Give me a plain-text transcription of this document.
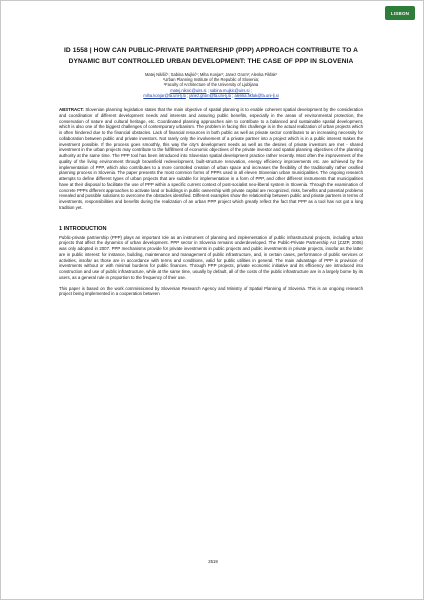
LISBON
ID 1558 | HOW CAN PUBLIC-PRIVATE PARTNERSHIP (PPP) APPROACH CONTRIBUTE TO A DYNAMIC BUT CONTROLLED URBAN DEVELOPMENT: THE CASE OF PPP IN SLOVENIA
Matej Nikšič¹; Sabina Mujkić¹; Miha Konjar²; Janez Grom²; Alenka Fikfak²
¹Urban Planning Institute of the Republic of Slovenia;
²Faculty of Architecture of the University of Ljubljana
matej.niksic@uirs.si ; sabina.mujkic@uirs.si ;
miha.konjar@fa.uni-lj.si ; janez.grom@fa.uni-lj.si ; alenka.fikfak@fa.uni-lj.si

ABSTRACT: Slovenian planning legislation states that the main objective of spatial planning is to enable coherent spatial development by the consideration and coordination of different development needs and interests and assuring public benefits, especially in the areas of environmental protection, the conservation of nature and cultural heritage, etc. Coordinated planning approaches aim to contribute to a balanced and sustainable spatial development, which is also one of the biggest challenges of contemporary urbanism. The problem in facing this challenge is in the actual realization of urban projects which is often hindered due to the financial obstacles. Lack of financial resources in both public as well as private sector contributes to an increasing necessity for collaboration between public and private investors. Not rarely only the involvement of a private partner into a project which is in a public interest makes the investment possible. If the process goes smoothly, this way the city's development needs as well as the desires of private investors are met - shared investment in the urban projects may contribute to the fulfillment of economic objectives of the private investor and spatial planning objectives of the planning authority at the same time. The PPP tool has been introduced into Slovenian spatial development practice rather recently. Most often the improvement of the quality of the living environment through brownfield redevelopment, built-structure renovation, energy efficiency improvements etc. are achieved by the implementation of PPP, which also contributes to a more controlled creation of urban space and increases the flexibility of the traditionally rather ossified planning process in Slovenia. The paper presents the most common forms of PPPs used in all eleven Slovenian urban municipalities. The ongoing research attempts to define different types of urban projects that are suitable for implementation in a form of PPP, and other different instruments that municipalities have at their disposal to facilitate the use of PPP within a specific current context of post-socialist neo-liberal system in Slovenia. Through the examination of concrete PPPs different approaches to activate land or buildings in public ownership with private capital are recognized, risks, benefits and potential problems revealed and possible solutions to overcome the obstacles identified. Different examples show the relationship between public and private partners in terms of investments, responsibilities and benefits during the realization of an urban PPP project which greatly reflect the fact that PPP as a tool has not got a long tradition yet.

1 INTRODUCTION

Public-private partnership (PPP) plays an important role as an instrument of planning and implementation of public infrastructural projects, including urban projects that affect the dynamics of urban development. PPP sector in Slovenia remains underdeveloped. The Public-Private Partnership Act (ZJZP, 2006) was only adopted in 2007. PPP mechanisms provide for private investments in public projects and public investments in private projects, insofar as the latter are in public interest: for instance, building, maintenance and management of public infrastructure, and, in certain cases, performance of public services or activities, insofar as those are in accordance with terms and conditions, valid for public utilities in general. The main advantage of PPP is provision of investments without or with minimal burdens for public finances. Through PPP projects, private economic initiative and its efficiency are introduced into construction and use of public infrastructure, while at the same time, usually by default, all of the costs of the public infrastructure are in a largely borne by its users, as a general rule in proportion to the frequency of their use.

This paper is based on the work commissioned by Slovenian Research Agency and Ministry of Spatial Planning of Slovenia. This is an ongoing research project being implemented in a cooperation between

2519
